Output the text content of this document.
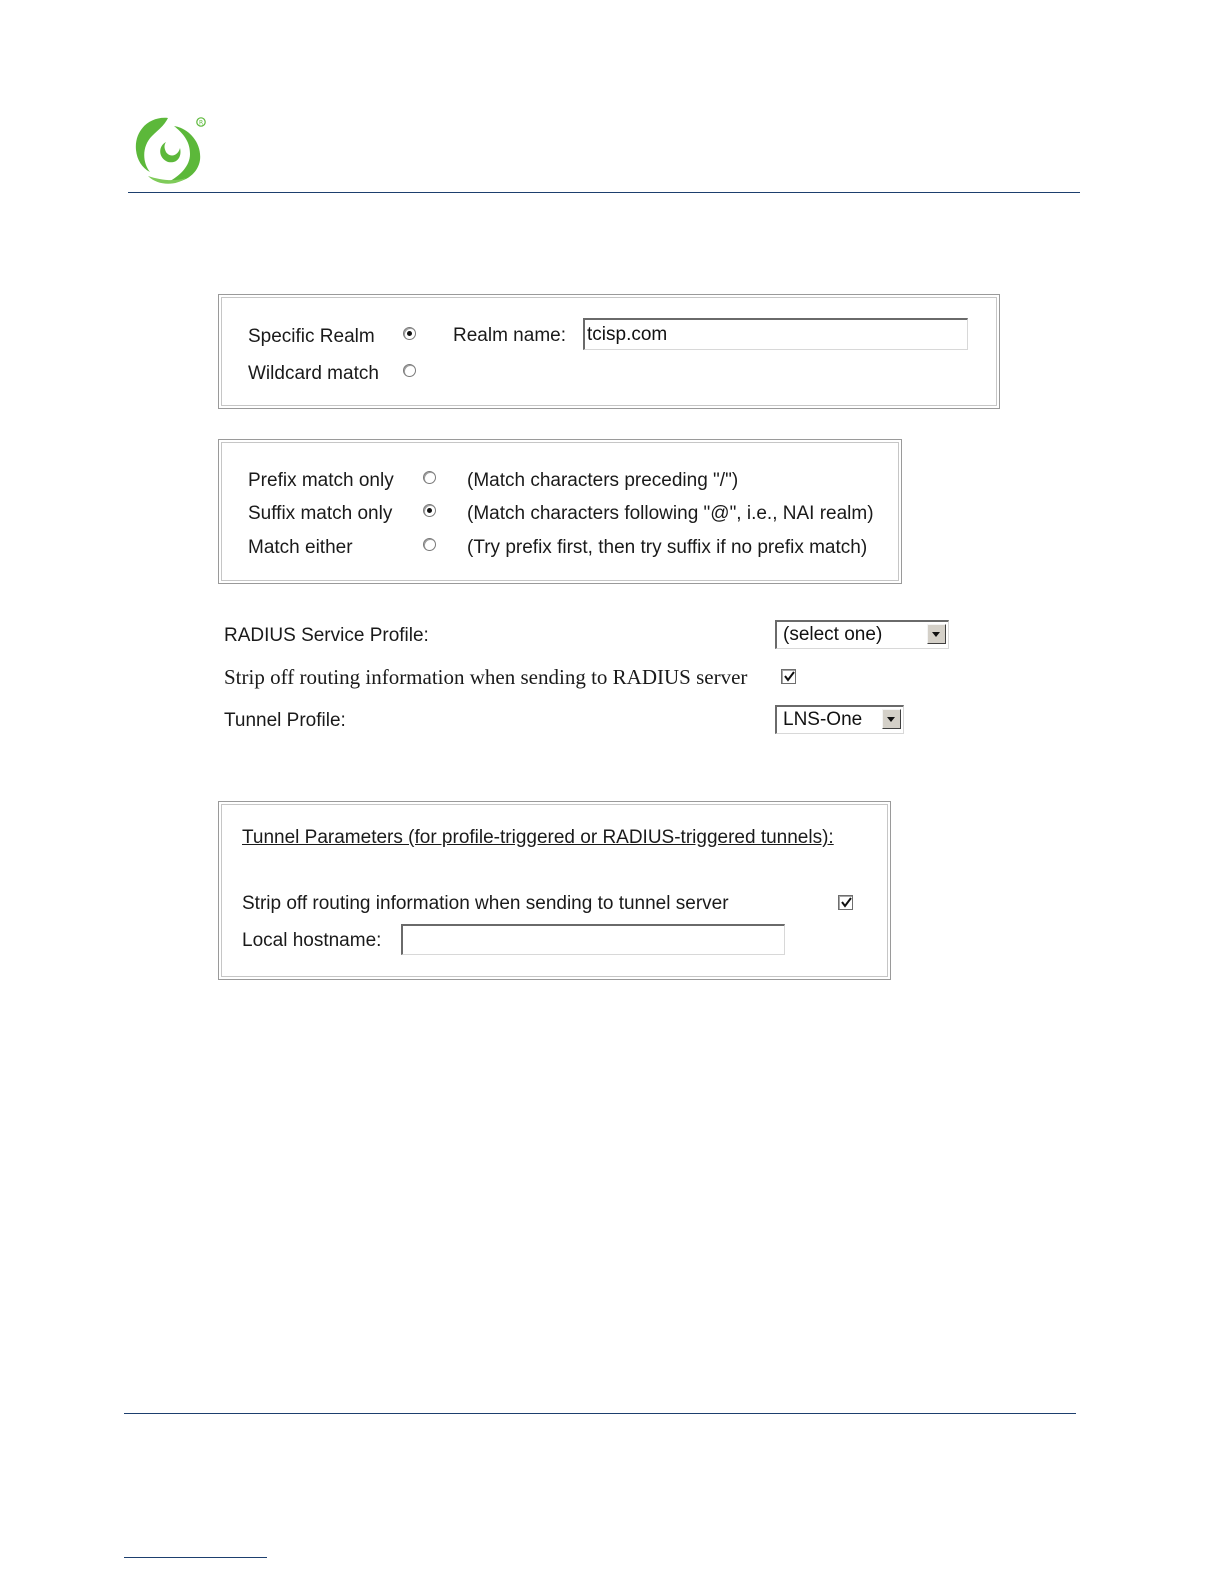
R
Specific Realm	Realm name:
tcisp.com
Wildcard match
Prefix match only	(Match characters preceding "/")
Suffix match only	(Match characters following "@", i.e., NAI realm)
Match either	(Try prefix first, then try suffix if no prefix match)
RADIUS Service Profile:	(select one)
Strip off routing information when sending to RADIUS server
Tunnel Profile:	LNS-One
Tunnel Parameters (for profile-triggered or RADIUS-triggered tunnels):
Strip off routing information when sending to tunnel server
Local hostname:
